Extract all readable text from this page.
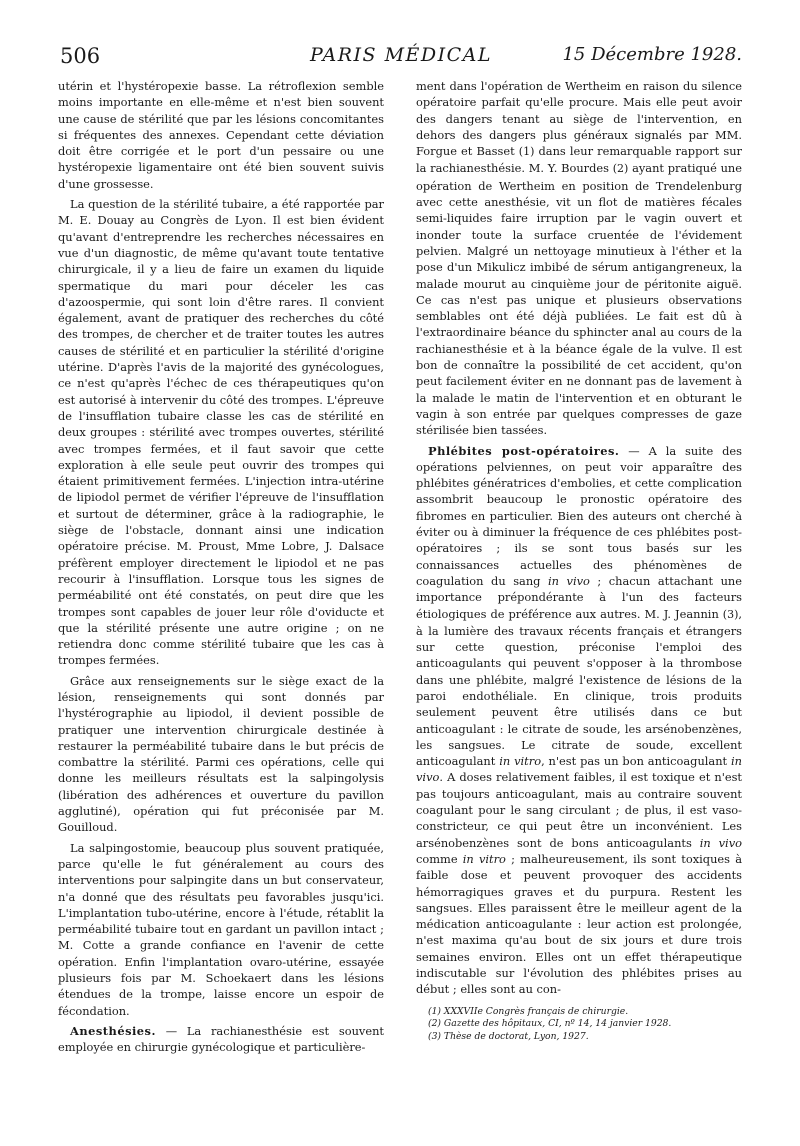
506	PARIS MÉDICAL	15 Décembre 1928.

utérin et l'hystéropexie basse. La rétroflexion semble moins importante en elle-même et n'est bien souvent une cause de stérilité que par les lésions concomitantes si fréquentes des annexes. Cependant cette déviation doit être corrigée et le port d'un pessaire ou une hystéropexie ligamentaire ont été bien souvent suivis d'une grossesse.

La question de la stérilité tubaire, a été rapportée par M. E. Douay au Congrès de Lyon. Il est bien évident qu'avant d'entreprendre les recherches nécessaires en vue d'un diagnostic, de même qu'avant toute tentative chirurgicale, il y a lieu de faire un examen du liquide spermatique du mari pour déceler les cas d'azoospermie, qui sont loin d'être rares. Il convient également, avant de pratiquer des recherches du côté des trompes, de chercher et de traiter toutes les autres causes de stérilité et en particulier la stérilité d'origine utérine. D'après l'avis de la majorité des gynécologues, ce n'est qu'après l'échec de ces thérapeutiques qu'on est autorisé à intervenir du côté des trompes. L'épreuve de l'insufflation tubaire classe les cas de stérilité en deux groupes : stérilité avec trompes ouvertes, stérilité avec trompes fermées, et il faut savoir que cette exploration à elle seule peut ouvrir des trompes qui étaient primitivement fermées. L'injection intra-utérine de lipiodol permet de vérifier l'épreuve de l'insufflation et surtout de déterminer, grâce à la radiographie, le siège de l'obstacle, donnant ainsi une indication opératoire précise. M. Proust, Mme Lobre, J. Dalsace préfèrent employer directement le lipiodol et ne pas recourir à l'insufflation. Lorsque tous les signes de perméabilité ont été constatés, on peut dire que les trompes sont capables de jouer leur rôle d'oviducte et que la stérilité présente une autre origine ; on ne retiendra donc comme stérilité tubaire que les cas à trompes fermées.

Grâce aux renseignements sur le siège exact de la lésion, renseignements qui sont donnés par l'hystérographie au lipiodol, il devient possible de pratiquer une intervention chirurgicale destinée à restaurer la perméabilité tubaire dans le but précis de combattre la stérilité. Parmi ces opérations, celle qui donne les meilleurs résultats est la salpingolysis (libération des adhérences et ouverture du pavillon agglutiné), opération qui fut préconisée par M. Gouilloud.

La salpingostomie, beaucoup plus souvent pratiquée, parce qu'elle le fut généralement au cours des interventions pour salpingite dans un but conservateur, n'a donné que des résultats peu favorables jusqu'ici. L'implantation tubo-utérine, encore à l'étude, rétablit la perméabilité tubaire tout en gardant un pavillon intact ; M. Cotte a grande confiance en l'avenir de cette opération. Enfin l'implantation ovaro-utérine, essayée plusieurs fois par M. Schoekaert dans les lésions étendues de la trompe, laisse encore un espoir de fécondation.

Anesthésies. — La rachianesthésie est souvent employée en chirurgie gynécologique et particulière-

ment dans l'opération de Wertheim en raison du silence opératoire parfait qu'elle procure. Mais elle peut avoir des dangers tenant au siège de l'intervention, en dehors des dangers plus généraux signalés par MM. Forgue et Basset (1) dans leur remarquable rapport sur la rachianesthésie. M. Y. Bourdes (2) ayant pratiqué une opération de Wertheim en position de Trendelenburg avec cette anesthésie, vit un flot de matières fécales semi-liquides faire irruption par le vagin ouvert et inonder toute la surface cruentée de l'évidement pelvien. Malgré un nettoyage minutieux à l'éther et la pose d'un Mikulicz imbibé de sérum antigangreneux, la malade mourut au cinquième jour de péritonite aiguë. Ce cas n'est pas unique et plusieurs observations semblables ont été déjà publiées. Le fait est dû à l'extraordinaire béance du sphincter anal au cours de la rachianesthésie et à la béance égale de la vulve. Il est bon de connaître la possibilité de cet accident, qu'on peut facilement éviter en ne donnant pas de lavement à la malade le matin de l'intervention et en obturant le vagin à son entrée par quelques compresses de gaze stérilisée bien tassées.

Phlébites post-opératoires. — A la suite des opérations pelviennes, on peut voir apparaître des phlébites génératrices d'embolies, et cette complication assombrit beaucoup le pronostic opératoire des fibromes en particulier. Bien des auteurs ont cherché à éviter ou à diminuer la fréquence de ces phlébites post-opératoires ; ils se sont tous basés sur les connaissances actuelles des phénomènes de coagulation du sang in vivo ; chacun attachant une importance prépondérante à l'un des facteurs étiologiques de préférence aux autres. M. J. Jeannin (3), à la lumière des travaux récents français et étrangers sur cette question, préconise l'emploi des anticoagulants qui peuvent s'opposer à la thrombose dans une phlébite, malgré l'existence de lésions de la paroi endothéliale. En clinique, trois produits seulement peuvent être utilisés dans ce but anticoagulant : le citrate de soude, les arsénobenzènes, les sangsues. Le citrate de soude, excellent anticoagulant in vitro, n'est pas un bon anticoagulant in vivo. A doses relativement faibles, il est toxique et n'est pas toujours anticoagulant, mais au contraire souvent coagulant pour le sang circulant ; de plus, il est vaso-constricteur, ce qui peut être un inconvénient. Les arsénobenzènes sont de bons anticoagulants in vivo comme in vitro ; malheureusement, ils sont toxiques à faible dose et peuvent provoquer des accidents hémorragiques graves et du purpura. Restent les sangsues. Elles paraissent être le meilleur agent de la médication anticoagulante : leur action est prolongée, n'est maxima qu'au bout de six jours et dure trois semaines environ. Elles ont un effet thérapeutique indiscutable sur l'évolution des phlébites prises au début ; elles sont au con-

(1) XXXVIIe Congrès français de chirurgie.
(2) Gazette des hôpitaux, CI, nº 14, 14 janvier 1928.
(3) Thèse de doctorat, Lyon, 1927.
